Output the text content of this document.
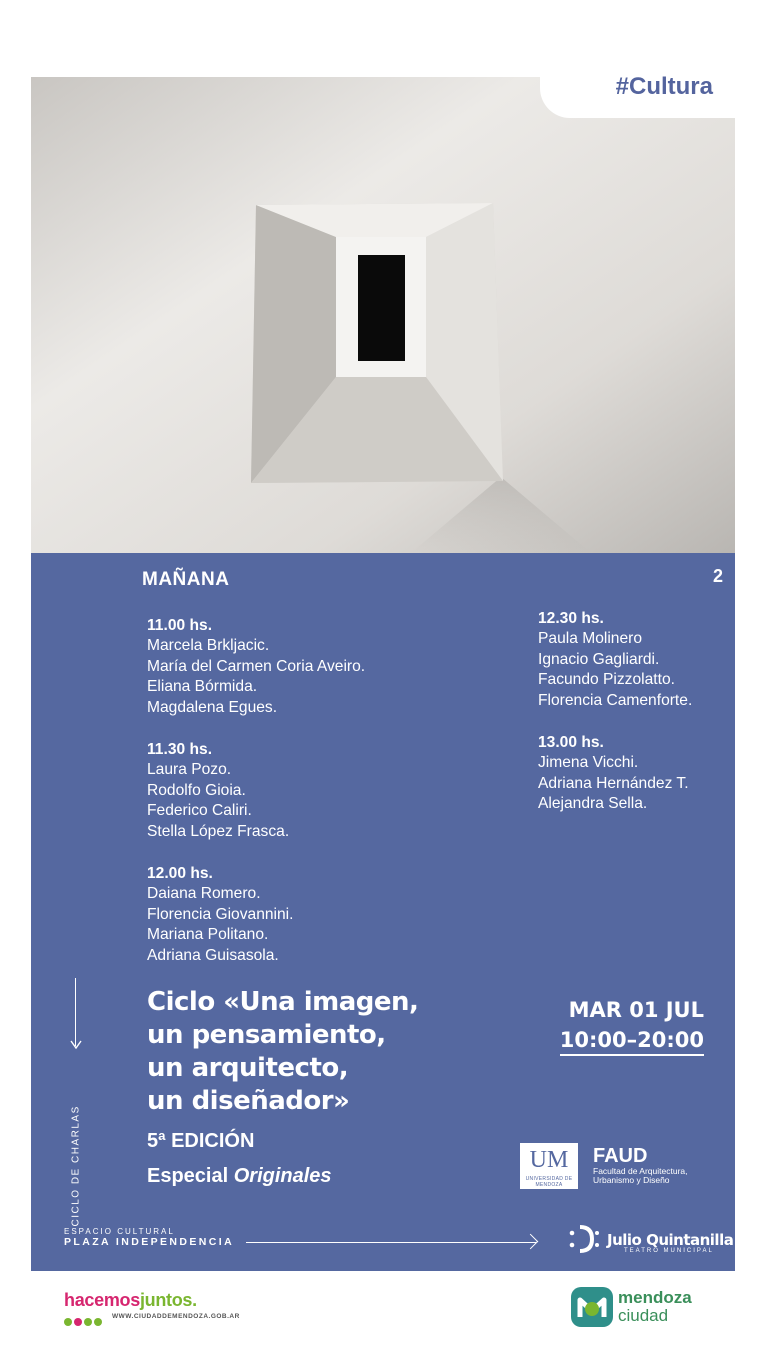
#Cultura
MAÑANA	2
11.00 hs.
Marcela Brkljacic.
María del Carmen Coria Aveiro.
Eliana Bórmida.
Magdalena Egues.
11.30 hs.
Laura Pozo.
Rodolfo Gioia.
Federico Caliri.
Stella López Frasca.
12.00 hs.
Daiana Romero.
Florencia Giovannini.
Mariana Politano.
Adriana Guisasola.
12.30 hs.
Paula Molinero
Ignacio Gagliardi.
Facundo Pizzolatto.
Florencia Camenforte.
13.00 hs.
Jimena Vicchi.
Adriana Hernández T.
Alejandra Sella.
CICLO DE CHARLAS
Ciclo «Una imagen,
un pensamiento,
un arquitecto,
un diseñador»
5ª EDICIÓN
Especial Originales
MAR 01 JUL
10:00–20:00
UM
UNIVERSIDAD DE MENDOZA
FAUD
Facultad de Arquitectura,
Urbanismo y Diseño
ESPACIO CULTURAL
PLAZA INDEPENDENCIA	Julio Quintanilla
TEATRO MUNICIPAL
hacemosjuntos.
WWW.CIUDADDEMENDOZA.GOB.AR
mendoza
ciudad
